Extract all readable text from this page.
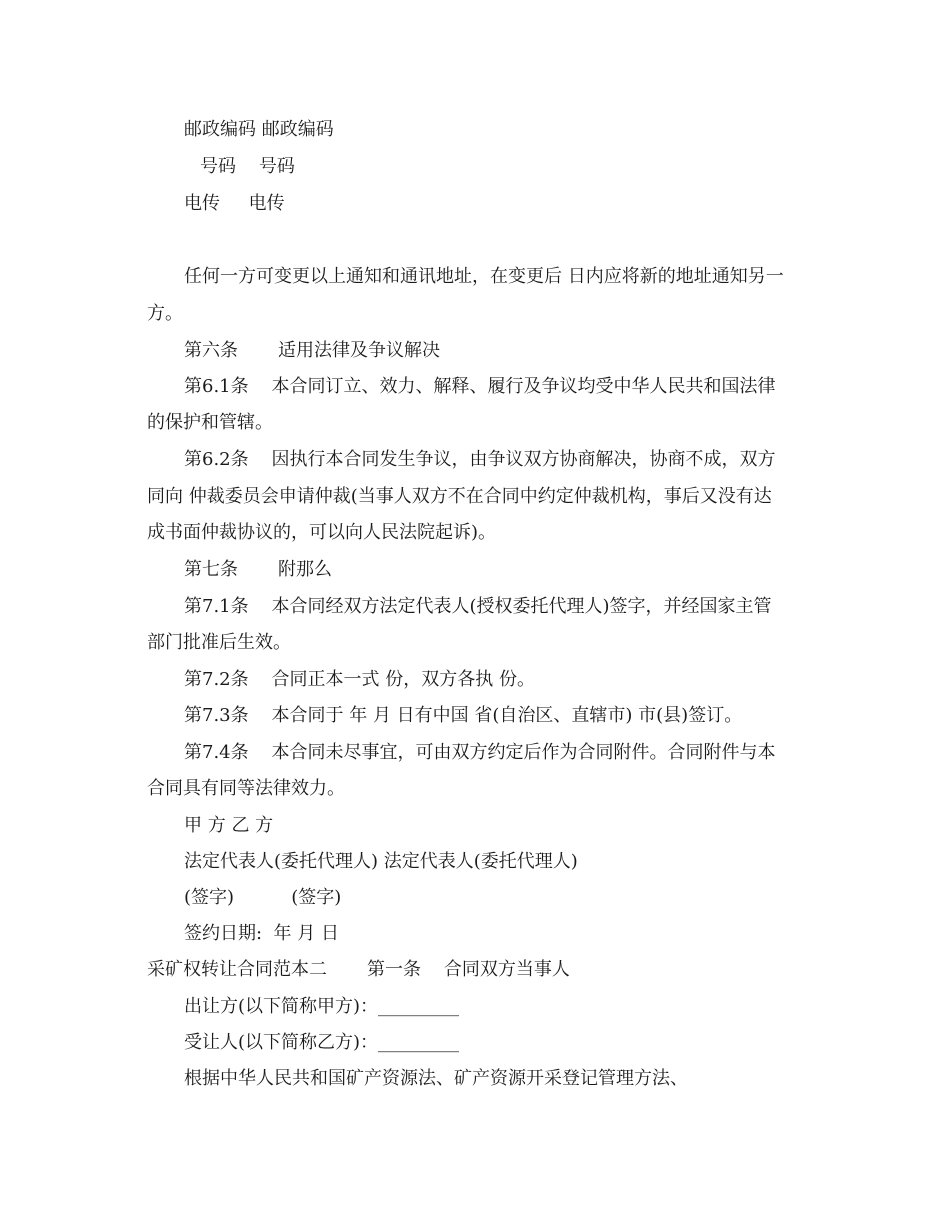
邮政编码 邮政编码
号码    号码
电传     电传
任何一方可变更以上通知和通讯地址，在变更后 日内应将新的地址通知另一
方。
第六条       适用法律及争议解决
第6.1条    本合同订立、效力、解释、履行及争议均受中华人民共和国法律
的保护和管辖。
第6.2条    因执行本合同发生争议，由争议双方协商解决，协商不成，双方
同向 仲裁委员会申请仲裁(当事人双方不在合同中约定仲裁机构，事后又没有达
成书面仲裁协议的，可以向人民法院起诉)。
第七条       附那么
第7.1条    本合同经双方法定代表人(授权委托代理人)签字，并经国家主管
部门批准后生效。
第7.2条    合同正本一式 份，双方各执 份。
第7.3条    本合同于 年 月 日有中国 省(自治区、直辖市) 市(县)签订。
第7.4条    本合同未尽事宜，可由双方约定后作为合同附件。合同附件与本
合同具有同等法律效力。
甲 方 乙 方
法定代表人(委托代理人) 法定代表人(委托代理人)
(签字)          (签字)
签约日期:  年 月 日
采矿权转让合同范本二       第一条    合同双方当事人
出让方(以下简称甲方)：_________
受让人(以下简称乙方)：_________
根据中华人民共和国矿产资源法、矿产资源开采登记管理方法、
